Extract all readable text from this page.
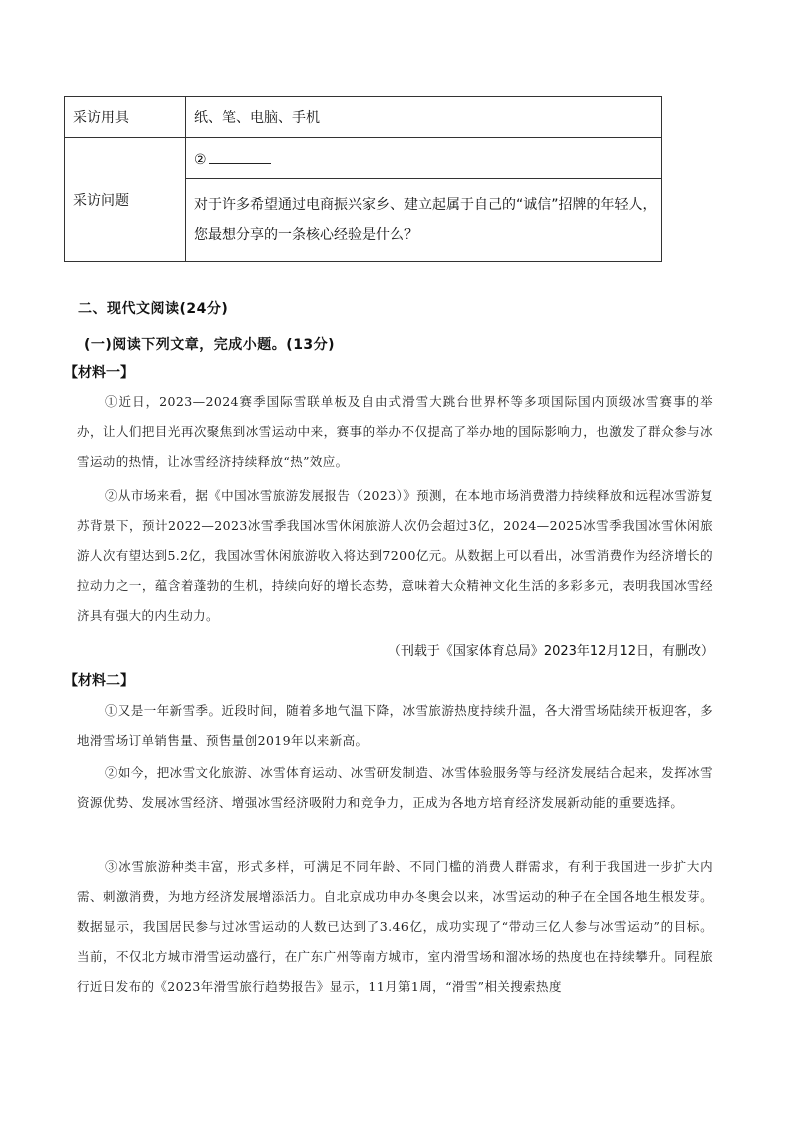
采访用具	纸、笔、电脑、手机
采访问题	②
	对于许多希望通过电商振兴家乡、建立起属于自己的“诚信”招牌的年轻人，您最想分享的一条核心经验是什么？
二、现代文阅读(24分)
(一)阅读下列文章，完成小题。(13分)
【材料一】
①近日，2023—2024赛季国际雪联单板及自由式滑雪大跳台世界杯等多项国际国内顶级冰雪赛事的举办，让人们把目光再次聚焦到冰雪运动中来，赛事的举办不仅提高了举办地的国际影响力，也激发了群众参与冰雪运动的热情，让冰雪经济持续释放“热”效应。
②从市场来看，据《中国冰雪旅游发展报告（2023）》预测，在本地市场消费潜力持续释放和远程冰雪游复苏背景下，预计2022—2023冰雪季我国冰雪休闲旅游人次仍会超过3亿，2024—2025冰雪季我国冰雪休闲旅游人次有望达到5.2亿，我国冰雪休闲旅游收入将达到7200亿元。从数据上可以看出，冰雪消费作为经济增长的拉动力之一，蕴含着蓬勃的生机，持续向好的增长态势，意味着大众精神文化生活的多彩多元，表明我国冰雪经济具有强大的内生动力。
（刊载于《国家体育总局》2023年12月12日，有删改）
【材料二】
①又是一年新雪季。近段时间，随着多地气温下降，冰雪旅游热度持续升温，各大滑雪场陆续开板迎客，多地滑雪场订单销售量、预售量创2019年以来新高。
②如今，把冰雪文化旅游、冰雪体育运动、冰雪研发制造、冰雪体验服务等与经济发展结合起来，发挥冰雪资源优势、发展冰雪经济、增强冰雪经济吸附力和竞争力，正成为各地方培育经济发展新动能的重要选择。
③冰雪旅游种类丰富，形式多样，可满足不同年龄、不同门槛的消费人群需求，有利于我国进一步扩大内需、刺激消费，为地方经济发展增添活力。自北京成功申办冬奥会以来，冰雪运动的种子在全国各地生根发芽。数据显示，我国居民参与过冰雪运动的人数已达到了3.46亿，成功实现了“带动三亿人参与冰雪运动”的目标。当前，不仅北方城市滑雪运动盛行，在广东广州等南方城市，室内滑雪场和溜冰场的热度也在持续攀升。同程旅行近日发布的《2023年滑雪旅行趋势报告》显示，11月第1周，“滑雪”相关搜索热度
